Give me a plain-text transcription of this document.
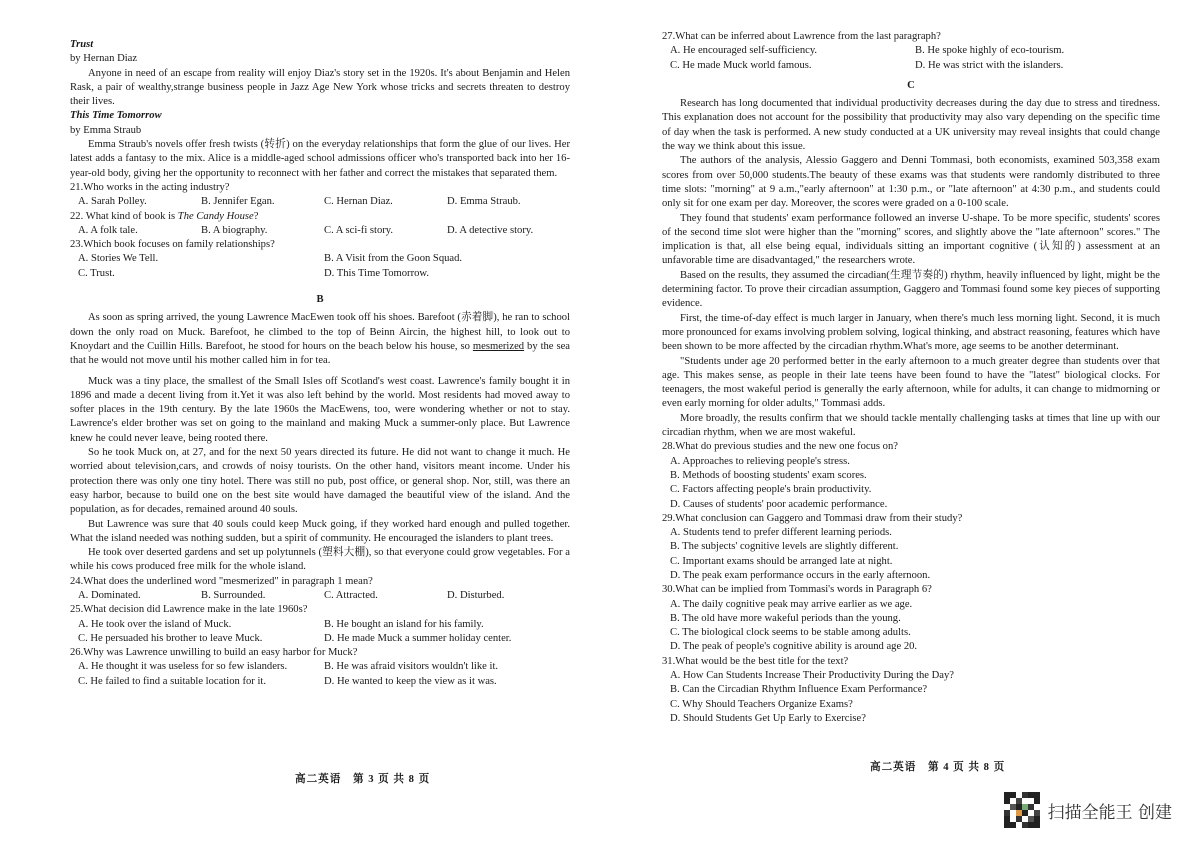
Trust

by Hernan Diaz

Anyone in need of an escape from reality will enjoy Diaz's story set in the 1920s. It's about Benjamin and Helen Rask, a pair of wealthy,strange business people in Jazz Age New York whose tricks and secrets threaten to destroy their lives.

This Time Tomorrow

by Emma Straub

Emma Straub's novels offer fresh twists (转折) on the everyday relationships that form the glue of our lives. Her latest adds a fantasy to the mix. Alice is a middle-aged school admissions officer who's transported back into her 16-year-old body, giving her the opportunity to reconnect with her father and correct the mistakes that separated them.

21.Who works in the acting industry?

A. Sarah Polley.	B. Jennifer Egan.	C. Hernan Diaz.	D. Emma Straub.

22. What kind of book is The Candy House?

A. A folk tale.	B. A biography.	C. A sci-fi story.	D. A detective story.

23.Which book focuses on family relationships?

A. Stories We Tell.	B. A Visit from the Goon Squad.
C. Trust.	D. This Time Tomorrow.

B

As soon as spring arrived, the young Lawrence MacEwen took off his shoes. Barefoot (赤着脚), he ran to school down the only road on Muck. Barefoot, he climbed to the top of Beinn Aircin, the highest hill, to look out to Knoydart and the Cuillin Hills. Barefoot, he stood for hours on the beach below his house, so mesmerized by the sea that he would not move until his mother called him in for tea.

Muck was a tiny place, the smallest of the Small Isles off Scotland's west coast. Lawrence's family bought it in 1896 and made a decent living from it.Yet it was also left behind by the world. Most residents had moved away to softer places in the 19th century. By the late 1960s the MacEwens, too, were wondering whether or not to stay. Lawrence's elder brother was set on going to the mainland and making Muck a summer-only place. But Lawrence knew he could never leave, being rooted there.

So he took Muck on, at 27, and for the next 50 years directed its future. He did not want to change it much. He worried about television,cars, and crowds of noisy tourists. On the other hand, visitors meant income. Under his protection there was only one tiny hotel. There was still no pub, post office, or general shop. Nor, still, was there an easy harbor, because to build one on the best site would have damaged the beautiful view of the island. And the population, as for decades, remained around 40 souls.

But Lawrence was sure that 40 souls could keep Muck going, if they worked hard enough and pulled together. What the island needed was nothing sudden, but a spirit of community. He encouraged the islanders to plant trees.

He took over deserted gardens and set up polytunnels (塑料大棚), so that everyone could grow vegetables. For a while his cows produced free milk for the whole island.

24.What does the underlined word "mesmerized" in paragraph 1 mean?

A. Dominated.	B. Surrounded.	C. Attracted.	D. Disturbed.

25.What decision did Lawrence make in the late 1960s?

A. He took over the island of Muck.	B. He bought an island for his family.
C. He persuaded his brother to leave Muck.	D. He made Muck a summer holiday center.

26.Why was Lawrence unwilling to build an easy harbor for Muck?

A. He thought it was useless for so few islanders.	B. He was afraid visitors wouldn't like it.
C. He failed to find a suitable location for it.	D. He wanted to keep the view as it was.
高二英语　第 3 页 共 8 页

27.What can be inferred about Lawrence from the last paragraph?

A. He encouraged self-sufficiency.	B. He spoke highly of eco-tourism.
C. He made Muck world famous.	D. He was strict with the islanders.

C

Research has long documented that individual productivity decreases during the day due to stress and tiredness. This explanation does not account for the possibility that productivity may also vary depending on the specific time of day when the task is performed. A new study conducted at a UK university may reveal insights that could change the way we think about this issue.

The authors of the analysis, Alessio Gaggero and Denni Tommasi, both economists, examined 503,358 exam scores from over 50,000 students.The beauty of these exams was that students were randomly distributed to three time slots: "morning" at 9 a.m.,"early afternoon" at 1:30 p.m., or "late afternoon" at 4:30 p.m., and students could only sit for one exam per day. Moreover, the scores were graded on a 0-100 scale.

They found that students' exam performance followed an inverse U-shape. To be more specific, students' scores of the second time slot were higher than the "morning" scores, and slightly above the "late afternoon" scores." The implication is that, all else being equal, individuals sitting an important cognitive (认知的) assessment at an unfavorable time are disadvantaged," the researchers wrote.

Based on the results, they assumed the circadian(生理节奏的) rhythm, heavily influenced by light, might be the determining factor. To prove their circadian assumption, Gaggero and Tommasi found some key pieces of supporting evidence.

First, the time-of-day effect is much larger in January, when there's much less morning light. Second, it is much more pronounced for exams involving problem solving, logical thinking, and abstract reasoning, features which have been shown to be more affected by the circadian rhythm.What's more, age seems to be another determinant.

"Students under age 20 performed better in the early afternoon to a much greater degree than students over that age. This makes sense, as people in their late teens have been found to have the "latest" biological clocks. For teenagers, the most wakeful period is generally the early afternoon, while for adults, it can change to midmorning or even early morning for older adults," Tommasi adds.

More broadly, the results confirm that we should tackle mentally challenging tasks at times that line up with our circadian rhythm, when we are most wakeful.

28.What do previous studies and the new one focus on?

A. Approaches to relieving people's stress.
B. Methods of boosting students' exam scores.
C. Factors affecting people's brain productivity.
D. Causes of students' poor academic performance.

29.What conclusion can Gaggero and Tommasi draw from their study?

A. Students tend to prefer different learning periods.
B. The subjects' cognitive levels are slightly different.
C. Important exams should be arranged late at night.
D. The peak exam performance occurs in the early afternoon.

30.What can be implied from Tommasi's words in Paragraph 6?

A. The daily cognitive peak may arrive earlier as we age.
B. The old have more wakeful periods than the young.
C. The biological clock seems to be stable among adults.
D. The peak of people's cognitive ability is around age 20.

31.What would be the best title for the text?

A. How Can Students Increase Their Productivity During the Day?
B. Can the Circadian Rhythm Influence Exam Performance?
C. Why Should Teachers Organize Exams?
D. Should Students Get Up Early to Exercise?
高二英语　第 4 页 共 8 页
扫描全能王 创建
